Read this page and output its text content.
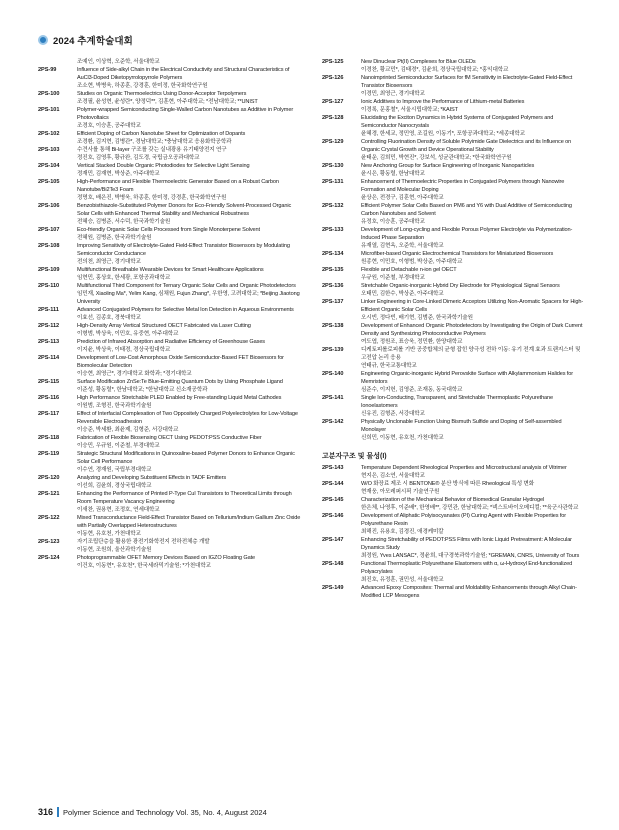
2024 추계학술대회
조예인, 이상혁, 오준학, 서울대학교
2PS-99	Influence of Side-alkyl Chain in the Electrical Conductivity and Structural Characteristics of AuCl3-Doped Diketopyrrolopyrrole Polymers
조소현, 박병욱, 하종훈, 강경훈, 한미정, 한국화학연구원
2PS-100	Studies on Organic Thermoelectrics Using Donor-Acceptor Terpolymers
조경필, 윤성현, 윤성란*, 양정덕**, 김훈현, 아주대학교; *전남대학교; **UNIST
2PS-101	Polymer-wrapped Semiconducting Single-Walled Carbon Nanotubes as Additive in Polymer Photovoltaics
조경호, 이승훈, 공주대학교
2PS-102	Efficient Doping of Carbon Nanotube Sheet for Optimization of Dopants
조경환, 김지현, 김병관*, 경남대학교; *충남대학교 응용화학공학과
2PS-103	수견사를 통해 Bi-layer 구조를 갖는 실내광용 유기태양전지 연구
정진호, 김영후, 황규완, 김도경, 국립금오공과대학교
2PS-104	Vertical Stacked Double Organic Photodiodes for Selective Light Sensing
정재민, 김재현, 박상준, 아주대학교
2PS-105	High-Performance and Flexible Thermoelectric Generator Based on a Robust Carbon Nanotube/Bi2Te3 Foam
정명호, 배은진, 박병욱, 하종훈, 한미정, 강경훈, 한국화학연구원
2PS-106	Benzobisthiazole-Substituted Polymer Donors for Eco-Friendly Solvent-Processed Organic Solar Cells with Enhanced Thermal Stability and Mechanical Robustness
전혜승, 김병준, 서수덕, 한국과학기술원
2PS-107	Eco-friendly Organic Solar Cells Processed from Single Monoterpene Solvent
전혜원, 김병준, 한국과학기술원
2PS-108	Improving Sensitivity of Electrolyte-Gated Field-Effect Transistor Biosensors by Modulating Semiconductor Conductance
전의천, 최영근, 경기대학교
2PS-109	Multifunctional Breathable Wearable Devices for Smart Healthcare Applications
임현민, 홍상호, 한세광, 포항공과대학교
2PS-110	Multifunctional Third Component for Ternary Organic Solar Cells and Organic Photodetectors
임민재, Xiaoling Ma*, Yelim Kang, 심채원, Fujun Zhang*, 우한영, 고려대학교; *Beijing Jiaotong University
2PS-111	Advanced Conjugated Polymers for Selective Metal Ion Detection in Aqueous Environments
이효선, 김종호, 경북대학교
2PS-112	High-Density Array Vertical Structured OECT Fabricated via Laser Cutting
이형범, 박상욱, 이민호, 유중현, 아주대학교
2PS-113	Prediction of Infrared Absorption and Radiative Efficiency of Greenhouse Gases
이지윤, 박상욱, 이태경, 경상국립대학교
2PS-114	Development of Low-Cost Amorphous Oxide Semiconductor-Based FET Biosensors for Biomolecular Detection
이승현, 최영근*, 경기대학교 화학과; *경기대학교
2PS-115	Surface Modification ZnSe:Te Blue-Emitting Quantum Dots by Using Phosphate Ligand
이준성, 황동렬*, 한남대학교; *한남대학교 신소재공학과
2PS-116	High Performance Stretchable PLED Enabled by Free-standing Liquid Metal Cathodes
이원범, 조형진, 한국과학기술원
2PS-117	Effect of Interfacial Complexation of Two Oppositely Charged Polyelectrolytes for Low-Voltage Reversible Electroadhesion
이승준, 박세환, 최윤제, 김형준, 서강대학교
2PS-118	Fabrication of Flexible Biosensing OECT Using PEDOT:PSS Conductive Fiber
이승민, 우규원, 이준철, 부경대학교
2PS-119	Strategic Structural Modifications in Quinoxaline-based Polymer Donors to Enhance Organic Solar Cell Performance
이수연, 경재원, 국립부경대학교
2PS-120	Analyzing and Developing Substituent Effects in TADF Emitters
이선희, 김윤희, 경상국립대학교
2PS-121	Enhancing the Performance of Printed P-Type CuI Transistors to Theoretical Limits through Room Temperature Vacancy Engineering
이새찬, 권용현, 조정호, 연세대학교
2PS-122	Mixed Transconductance Field-Effect Transistor Based on Tellurium/Indium Gallium Zinc Oxide with Partially Overlapped Heterostructures
이동현, 유호천, 가천대학교
2PS-123	자기조립단층을 활용한 광전기화학전지 전하전체층 개발
이동현, 조원희, 울산과학기술원
2PS-124	Photoprogrammable OFET Memory Devices Based on IGZO Floating Gate
이건호, 이동현*, 유호천*, 한국세라믹기술원; *가천대학교
2PS-125	New Dinuclear Pt(II) Complexes for Blue OLEDs
이경찬, 황교민*, 김태경*, 김윤희, 경상국립대학교; *홍익대학교
2PS-126	Nanoimprinted Semiconductor Surfaces for fM Sensitivity in Electrolyte-Gated Field-Effect Transistor Biosensors
이경민, 최영근, 경기대학교
2PS-127	Ionic Additives to Improve the Performance of Lithium-metal Batteries
이경록, 문홍철*, 서울시립대학교; *KAIST
2PS-128	Elucidating the Exciton Dynamics in Hybrid Systems of Conjugated Polymers and Semiconductor Nanocrystals
윤혜경, 한세교, 정민영, 조길원, 이동기*, 포항공과대학교; *세종대학교
2PS-129	Controlling Fluorination Density of Soluble Polyimide Gate Dielectrics and its Influence on Organic Crystal Growth and Device Operational Stability
윤태운, 김희민, 박현진*, 강보석, 성균관대학교; *한국화학연구원
2PS-130	New Anchoring Group for Surface Engineering of Inorganic Nanoparticles
윤시은, 황동렬, 한남대학교
2PS-131	Enhancement of Thermoelectric Properties in Conjugated Polymers through Nanowire Formation and Molecular Doping
윤상은, 전경구, 김훈현, 아주대학교
2PS-132	Efficient Polymer Solar Cells Based on PM6 and Y6 with Dual Additive of Semiconducting Carbon Nanotubes and Solvent
유정호, 이승훈, 공주대학교
2PS-133	Development of Long-cycling and Flexible Porous Polymer Electrolyte via Polymerization-Induced Phase Separation
유재열, 김현옥, 오준학, 서울대학교
2PS-134	Microfiber-based Organic Electrochemical Transistors for Miniaturized Biosensors
원종현, 이민호, 이형범, 박상준, 아주대학교
2PS-135	Flexible and Detachable n-ion gel OECT
우규원, 이준철, 부경대학교
2PS-136	Stretchable Organic-inorganic Hybrid Dry Electrode for Physiological Signal Sensors
오태민, 김한수, 박상준, 아주대학교
2PS-137	Linker Engineering in Core-Linked Dimeric Acceptors Utilizing Non-Aromatic Spacers for High-Efficient Organic Solar Cells
오시빈, 정다빈, 배기현, 김범준, 한국과학기술원
2PS-138	Development of Enhanced Organic Photodetectors by Investigating the Origin of Dark Current Density and Synthesizing Photoconductive Polymers
여도엽, 정원조, 표승욱, 정민환, 한양대학교
2PS-139	디케토피롤로피롤 기반 공중합체의 균형 잡힌 양극성 전하 이동: 유기 전계 효과 트랜지스터 및 고전압 논리 응용
연태규, 한국교통대학교
2PS-140	Engineering Organic-inorganic Hybrid Perovskite Surface with Alkylammonium Halides for Memristors
심준수, 이지헌, 김영준, 조재동, 동국대학교
2PS-141	Single Ion-Conducting, Transparent, and Stretchable Thermoplastic Polyurethane Ionoelastomers
신유진, 김형준, 서강대학교
2PS-142	Physically Unclonable Function Using Bismuth Sulfide and Doping of Self-assembled Monolayer
신희민, 이동현, 유호천, 가천대학교
고분자구조 및 물성(I)
2PS-143	Temperature Dependent Rheological Properties and Microstructural analysis of Vitrimer
현지은, 김소연, 서울대학교
2PS-144	W/O 화장료 제조 시 BENTONE® 분산 방식에 따른 Rheological 특성 변화
현재웅, 아모레퍼시픽 기술연구원
2PS-145	Characterization of the Mechanical Behavior of Biomedical Granular Hydrogel
한은체, 나영후, 이준배*, 한영배**, 강민관, 한남대학교; *넥스트바이오메디컬; **육군사관학교
2PS-146	Development of Aliphatic Polyisocyanates (PI) Curing Agent with Flexible Properties for Polyurethane Resin
최해진, 유용호, 김경진, 애경케미칼
2PS-147	Enhancing Stretchability of PEDOT:PSS Films with Ionic Liquid Pretreatment: A Molecular Dynamics Study
최정원, Yves LANSAC*, 정윤희, 대구경북과학기술원; *GREMAN, CNRS, University of Tours
2PS-148	Functional Thermoplastic Polyurethane Elastomers with α, ω-Hydroxyl End-functionalized Polyacrylates
최진호, 유정훈, 권민성, 서울대학교
2PS-149	Advanced Epoxy Composites: Thermal and Moldability Enhancements through Alkyl Chain-Modified LCP Mesogens
316 Polymer Science and Technology Vol. 35, No. 4, August 2024
